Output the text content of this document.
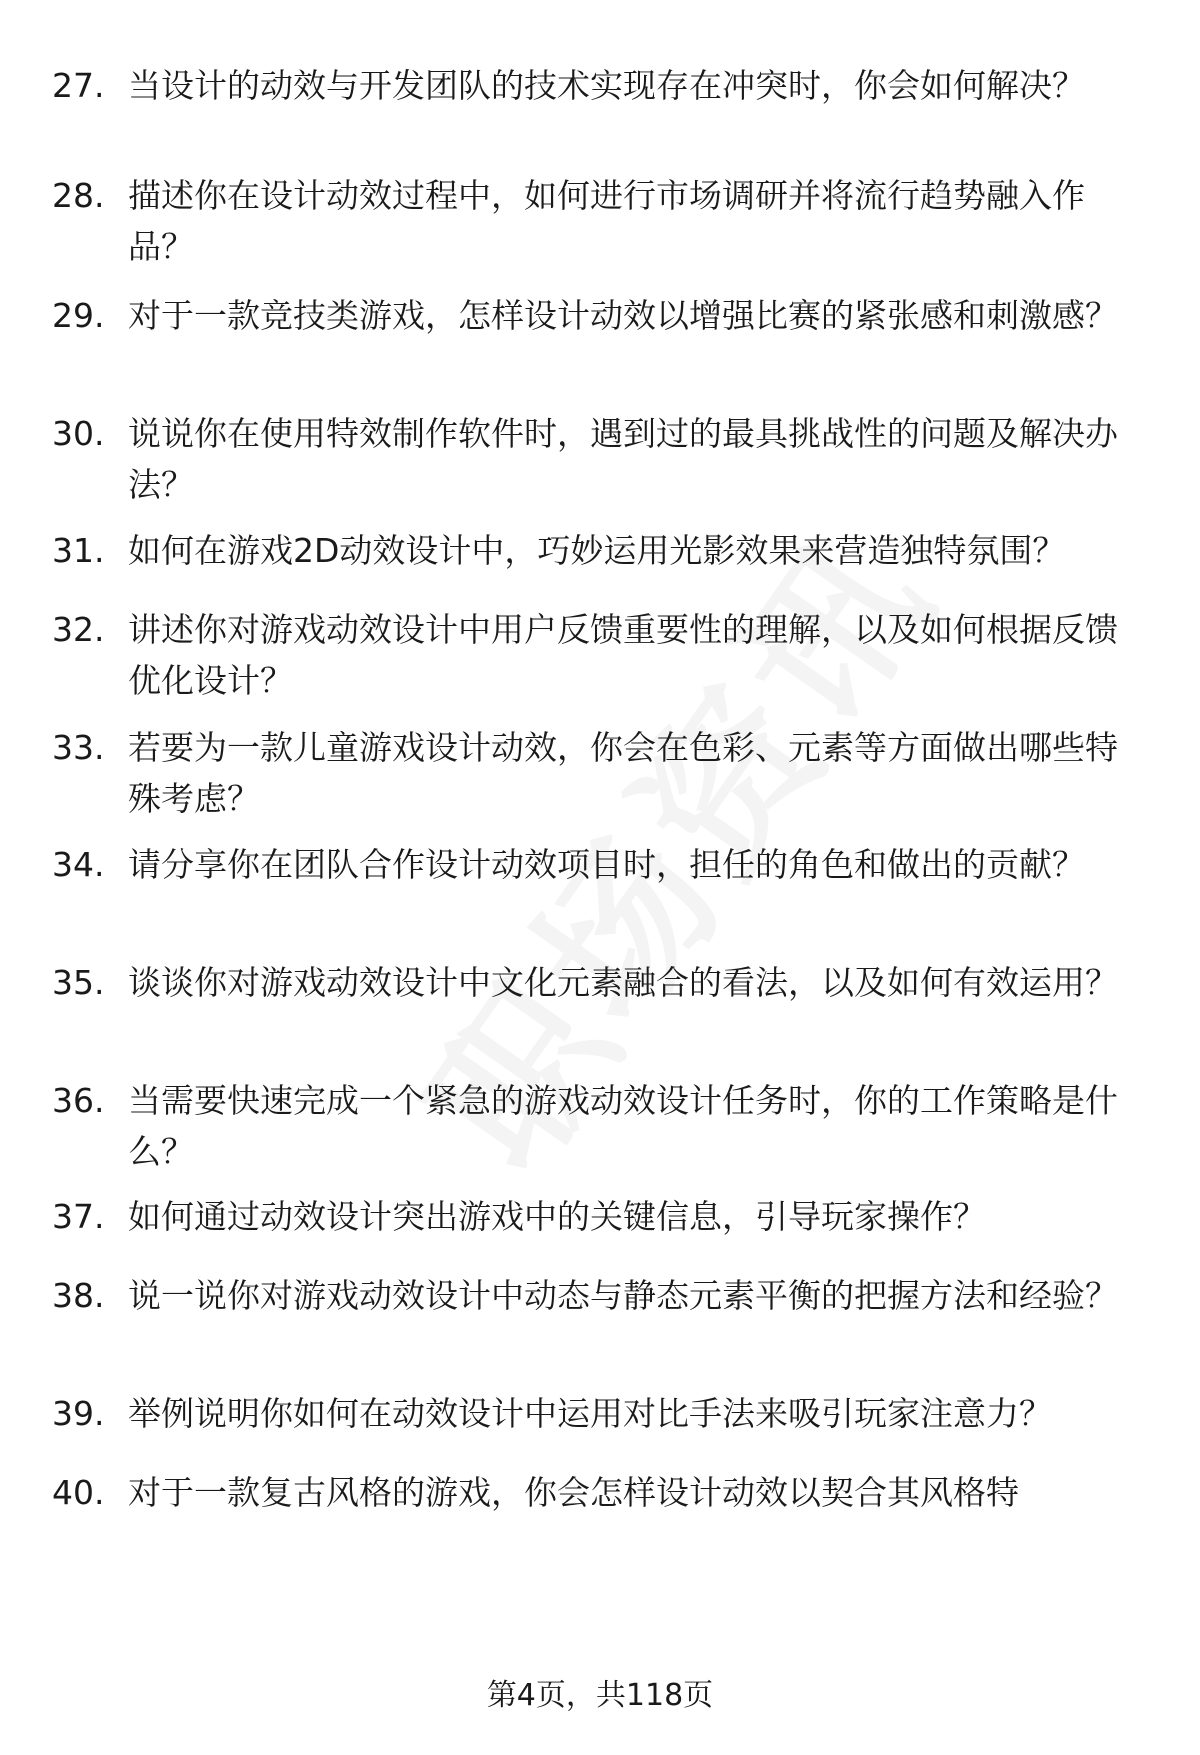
27. 当设计的动效与开发团队的技术实现存在冲突时，你会如何解决？
28. 描述你在设计动效过程中，如何进行市场调研并将流行趋势融入作品？
29. 对于一款竞技类游戏，怎样设计动效以增强比赛的紧张感和刺激感？
30. 说说你在使用特效制作软件时，遇到过的最具挑战性的问题及解决办法？
31. 如何在游戏2D动效设计中，巧妙运用光影效果来营造独特氛围？
32. 讲述你对游戏动效设计中用户反馈重要性的理解，以及如何根据反馈优化设计？
33. 若要为一款儿童游戏设计动效，你会在色彩、元素等方面做出哪些特殊考虑？
34. 请分享你在团队合作设计动效项目时，担任的角色和做出的贡献？
35. 谈谈你对游戏动效设计中文化元素融合的看法，以及如何有效运用？
36. 当需要快速完成一个紧急的游戏动效设计任务时，你的工作策略是什么？
37. 如何通过动效设计突出游戏中的关键信息，引导玩家操作？
38. 说一说你对游戏动效设计中动态与静态元素平衡的把握方法和经验？
39. 举例说明你如何在动效设计中运用对比手法来吸引玩家注意力？
40. 对于一款复古风格的游戏，你会怎样设计动效以契合其风格特
第4页，共118页
